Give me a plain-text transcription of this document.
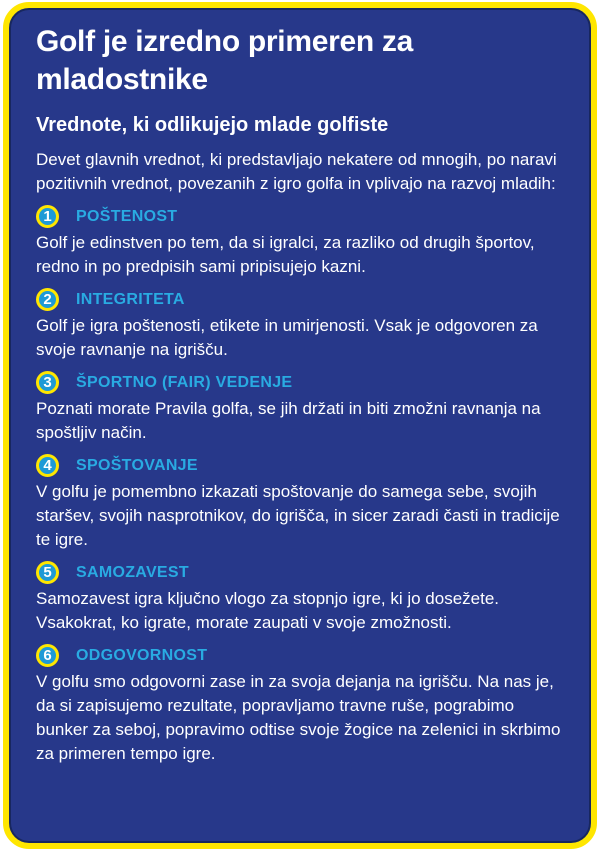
Golf je izredno primeren za
mladostnike
Vrednote, ki odlikujejo mlade golfiste

Devet glavnih vrednot, ki predstavljajo nekatere od mnogih, po naravi pozitivnih vrednot, povezanih z igro golfa in vplivajo na razvoj mladih:

1 POŠTENOST

Golf je edinstven po tem, da si igralci, za razliko od drugih športov, redno in po predpisih sami pripisujejo kazni.

2 INTEGRITETA

Golf je igra poštenosti, etikete in umirjenosti. Vsak je odgovoren za svoje ravnanje na igrišču.

3 ŠPORTNO (FAIR) VEDENJE

Poznati morate Pravila golfa, se jih držati in biti zmožni ravnanja na spoštljiv način.

4 SPOŠTOVANJE

V golfu je pomembno izkazati spoštovanje do samega sebe, svojih staršev, svojih nasprotnikov, do igrišča, in sicer zaradi časti in tradicije te igre.

5 SAMOZAVEST

Samozavest igra ključno vlogo za stopnjo igre, ki jo dosežete. Vsakokrat, ko igrate, morate zaupati v svoje zmožnosti.

6 ODGOVORNOST

V golfu smo odgovorni zase in za svoja dejanja na igrišču. Na nas je, da si zapisujemo rezultate, popravljamo travne ruše, pograbimo bunker za seboj, popravimo odtise svoje žogice na zelenici in skrbimo za primeren tempo igre.
